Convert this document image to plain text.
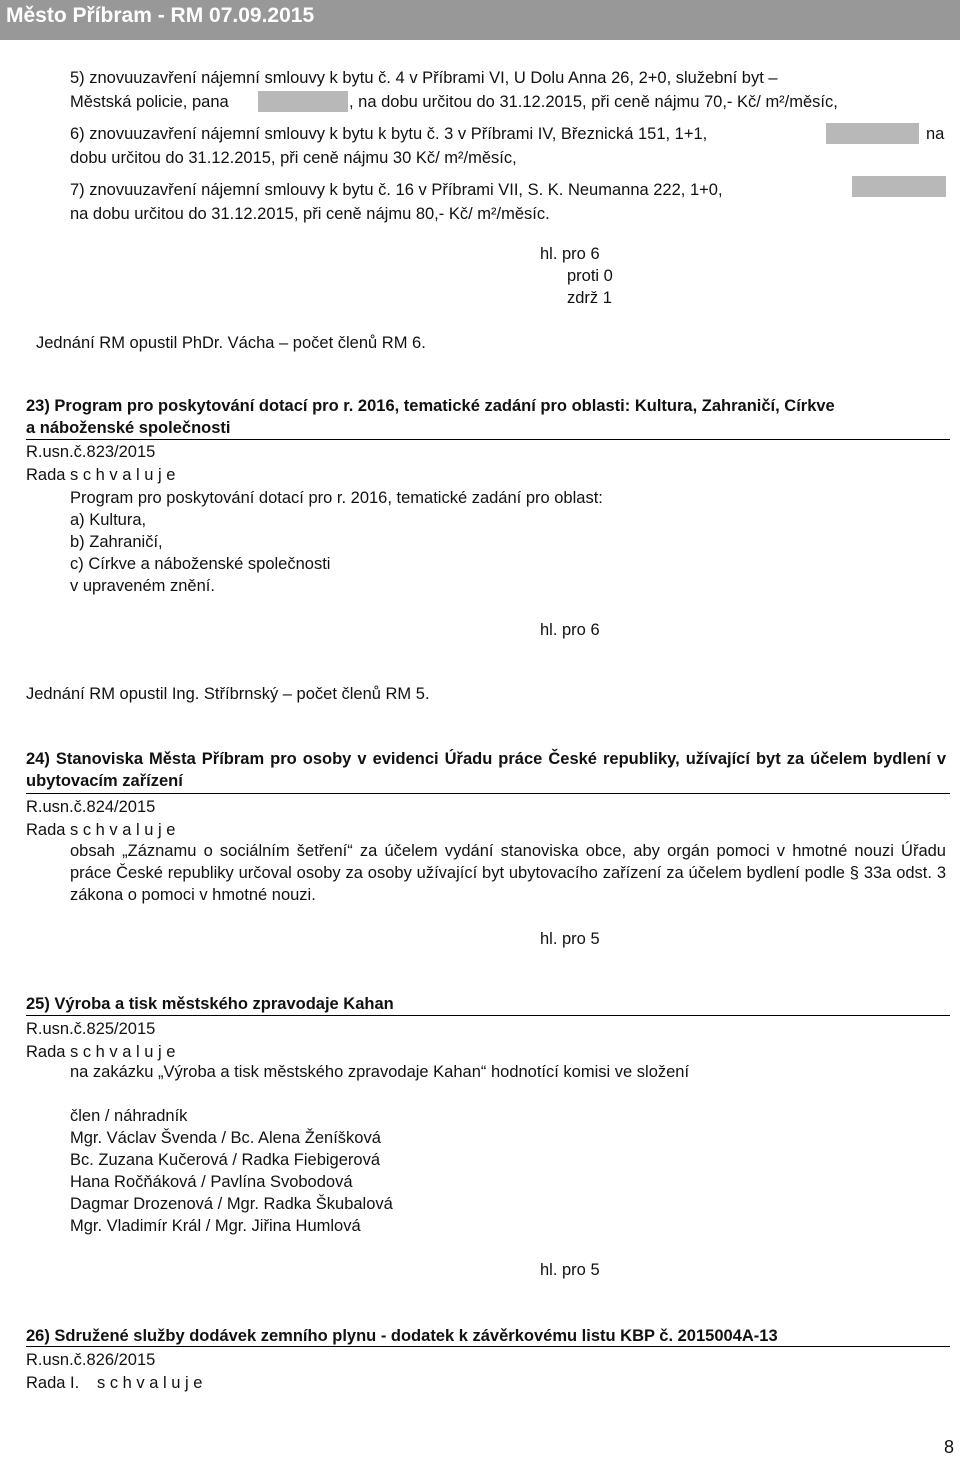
Město Příbram - RM 07.09.2015
5) znovuuzavření nájemní smlouvy k bytu č. 4 v Příbrami VI, U Dolu Anna 26, 2+0, služební byt –
Městská policie, pana	, na dobu určitou do 31.12.2015, při ceně nájmu 70,- Kč/ m²/měsíc,
6) znovuuzavření nájemní smlouvy k bytu k bytu č. 3 v Příbrami IV, Březnická 151, 1+1,	na
dobu určitou do 31.12.2015, při ceně nájmu 30 Kč/ m²/měsíc,
7) znovuuzavření nájemní smlouvy k bytu č. 16 v Příbrami VII, S. K. Neumanna 222, 1+0,
na dobu určitou do 31.12.2015, při ceně nájmu 80,- Kč/ m²/měsíc.
hl. pro 6
proti 0
zdrž 1
Jednání RM opustil PhDr. Vácha – počet členů RM 6.
23) Program pro poskytování dotací pro r. 2016, tematické zadání pro oblasti: Kultura, Zahraničí, Církve
a náboženské společnosti
R.usn.č.823/2015
Rada s c h v a l u j e
Program pro poskytování dotací pro r. 2016, tematické zadání pro oblast:
a) Kultura,
b) Zahraničí,
c) Církve a náboženské společnosti
v upraveném znění.
hl. pro 6
Jednání RM opustil Ing. Stříbrnský – počet členů RM 5.
24) Stanoviska Města Příbram pro osoby v evidenci Úřadu práce České republiky, užívající byt za účelem bydlení v ubytovacím zařízení
R.usn.č.824/2015
Rada s c h v a l u j e
obsah „Záznamu o sociálním šetření“ za účelem vydání stanoviska obce, aby orgán pomoci v hmotné nouzi Úřadu práce České republiky určoval osoby za osoby užívající byt ubytovacího zařízení za účelem bydlení podle § 33a odst. 3 zákona o pomoci v hmotné nouzi.
hl. pro 5
25) Výroba a tisk městského zpravodaje Kahan
R.usn.č.825/2015
Rada s c h v a l u j e
na zakázku „Výroba a tisk městského zpravodaje Kahan“ hodnotící komisi ve složení
člen / náhradník
Mgr. Václav Švenda / Bc. Alena Ženíšková
Bc. Zuzana Kučerová / Radka Fiebigerová
Hana Ročňáková / Pavlína Svobodová
Dagmar Drozenová / Mgr. Radka Škubalová
Mgr. Vladimír Král / Mgr. Jiřina Humlová
hl. pro 5
26) Sdružené služby dodávek zemního plynu - dodatek k závěrkovému listu KBP č. 2015004A-13
R.usn.č.826/2015
Rada I. s c h v a l u j e
8
